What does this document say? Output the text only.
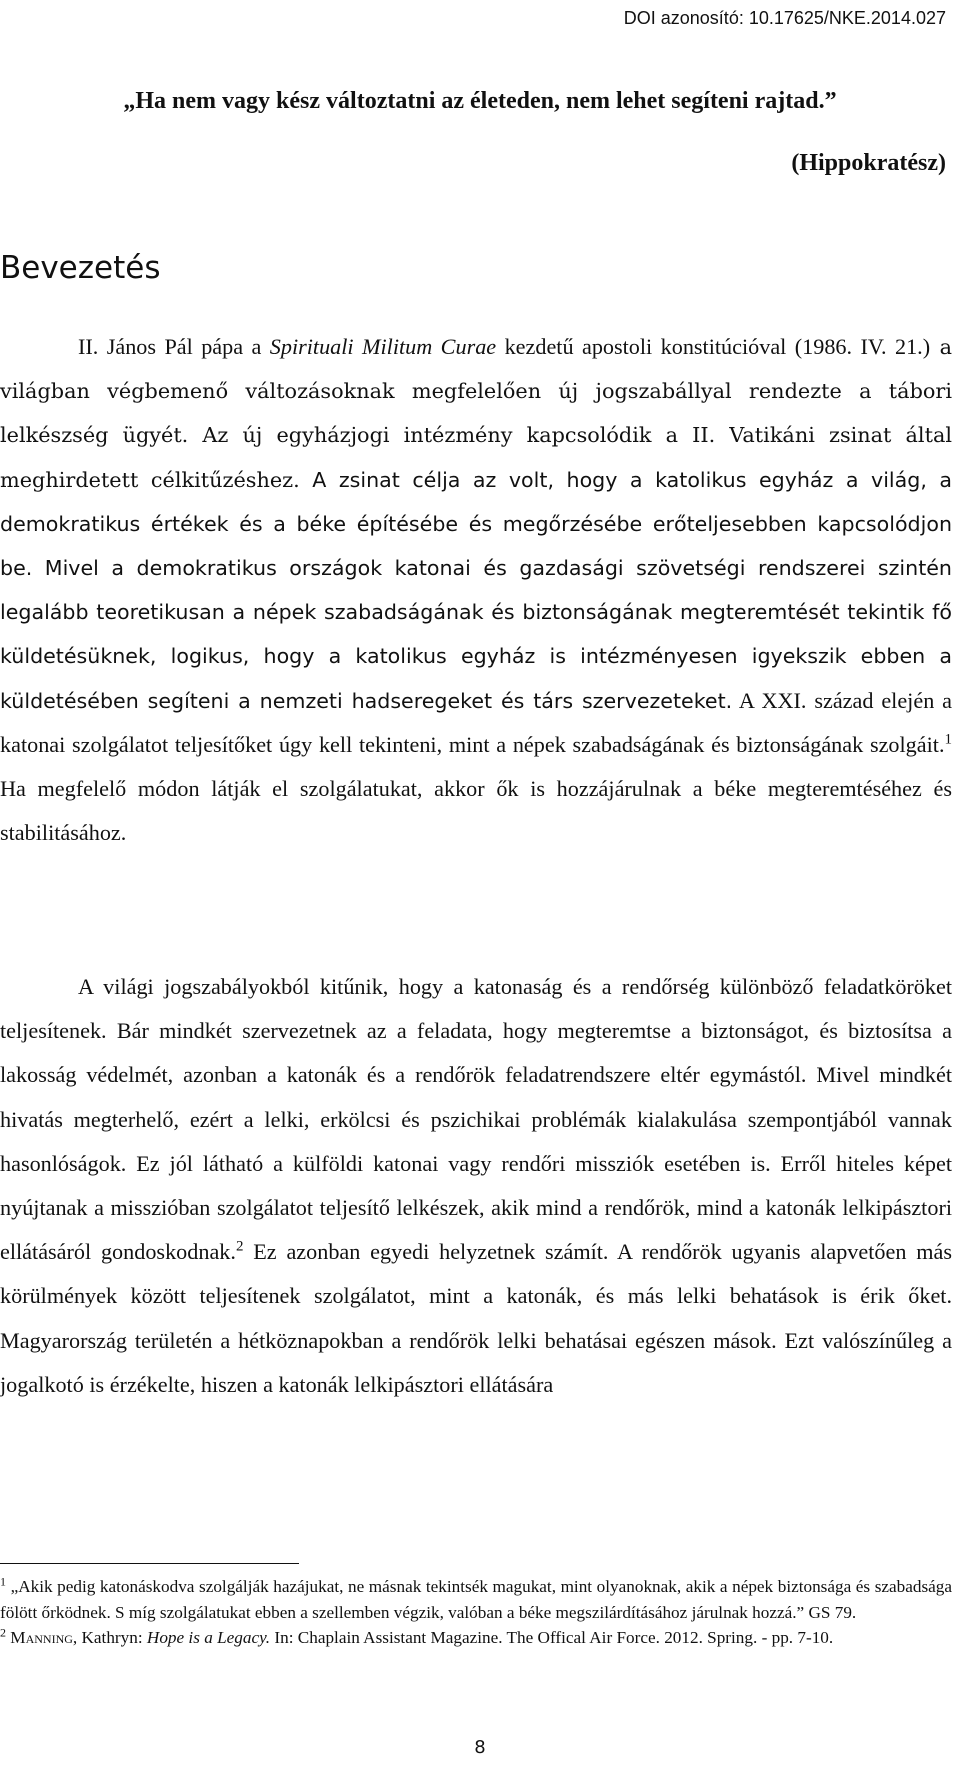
DOI azonosító: 10.17625/NKE.2014.027
„Ha nem vagy kész változtatni az életeden, nem lehet segíteni rajtad.”
(Hippokratész)
Bevezetés

II. János Pál pápa a Spirituali Militum Curae kezdetű apostoli konstitúcióval (1986. IV. 21.) a világban végbemenő változásoknak megfelelően új jogszabállyal rendezte a tábori lelkészség ügyét. Az új egyházjogi intézmény kapcsolódik a II. Vatikáni zsinat által meghirdetett célkitűzéshez. A zsinat célja az volt, hogy a katolikus egyház a világ, a demokratikus értékek és a béke építésébe és megőrzésébe erőteljesebben kapcsolódjon be. Mivel a demokratikus országok katonai és gazdasági szövetségi rendszerei szintén legalább teoretikusan a népek szabadságának és biztonságának megteremtését tekintik fő küldetésüknek, logikus, hogy a katolikus egyház is intézményesen igyekszik ebben a küldetésében segíteni a nemzeti hadseregeket és társ szervezeteket. A XXI. század elején a katonai szolgálatot teljesítőket úgy kell tekinteni, mint a népek szabadságának és biztonságának szolgáit.$^1$ Ha megfelelő módon látják el szolgálatukat, akkor ők is hozzájárulnak a béke megteremtéséhez és stabilitásához.

A világi jogszabályokból kitűnik, hogy a katonaság és a rendőrség különböző feladatköröket teljesítenek. Bár mindkét szervezetnek az a feladata, hogy megteremtse a biztonságot, és biztosítsa a lakosság védelmét, azonban a katonák és a rendőrök feladatrendszere eltér egymástól. Mivel mindkét hivatás megterhelő, ezért a lelki, erkölcsi és pszichikai problémák kialakulása szempontjából vannak hasonlóságok. Ez jól látható a külföldi katonai vagy rendőri missziók esetében is. Erről hiteles képet nyújtanak a misszióban szolgálatot teljesítő lelkészek, akik mind a rendőrök, mind a katonák lelkipásztori ellátásáról gondoskodnak.$^2$ Ez azonban egyedi helyzetnek számít. A rendőrök ugyanis alapvetően más körülmények között teljesítenek szolgálatot, mint a katonák, és más lelki behatások is érik őket. Magyarország területén a hétköznapokban a rendőrök lelki behatásai egészen mások. Ezt valószínűleg a jogalkotó is érzékelte, hiszen a katonák lelkipásztori ellátására

$^1$ „Akik pedig katonáskodva szolgálják hazájukat, ne másnak tekintsék magukat, mint olyanoknak, akik a népek biztonsága és szabadsága fölött őrködnek. S míg szolgálatukat ebben a szellemben végzik, valóban a béke megszilárdításához járulnak hozzá.” GS 79.

$^2$ Manning, Kathryn: Hope is a Legacy. In: Chaplain Assistant Magazine. The Offical Air Force. 2012. Spring. - pp. 7-10.

8
